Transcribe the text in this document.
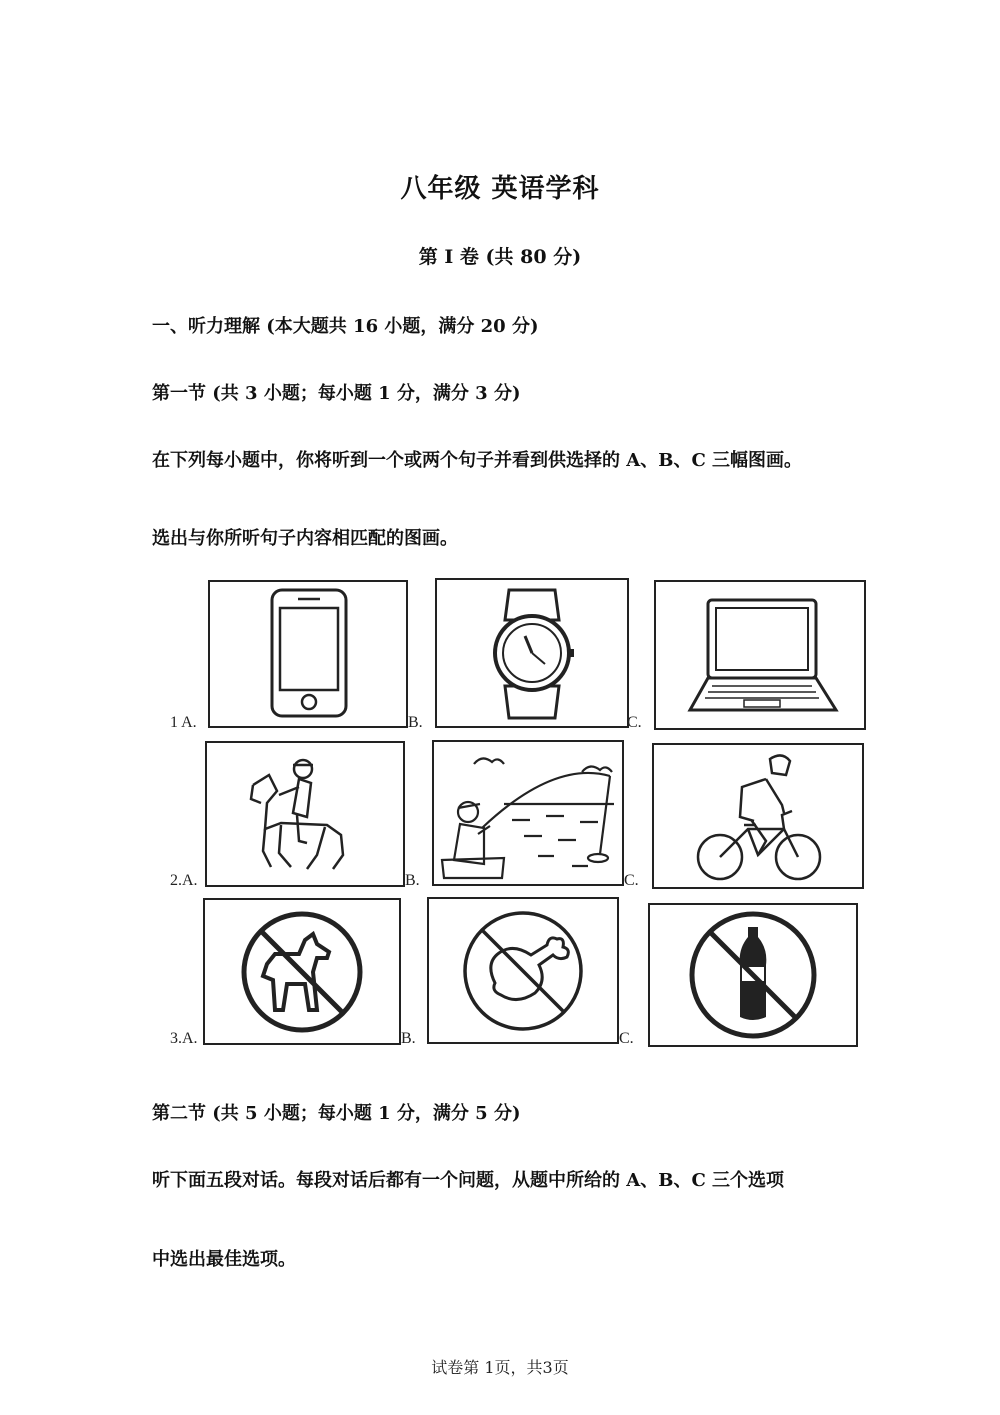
八年级 英语学科
第 I 卷 (共 80 分)
一、听力理解 (本大题共 16 小题，满分 20 分)
第一节 (共 3 小题；每小题 1 分，满分 3 分)
在下列每小题中，你将听到一个或两个句子并看到供选择的 A、B、C 三幅图画。
选出与你所听句子内容相匹配的图画。
1 A.	B.	C.
2.A.	B.	C.
3.A.	B.	C.
第二节 (共 5 小题；每小题 1 分，满分 5 分)
听下面五段对话。每段对话后都有一个问题，从题中所给的 A、B、C 三个选项
中选出最佳选项。
试卷第 1页，共3页
